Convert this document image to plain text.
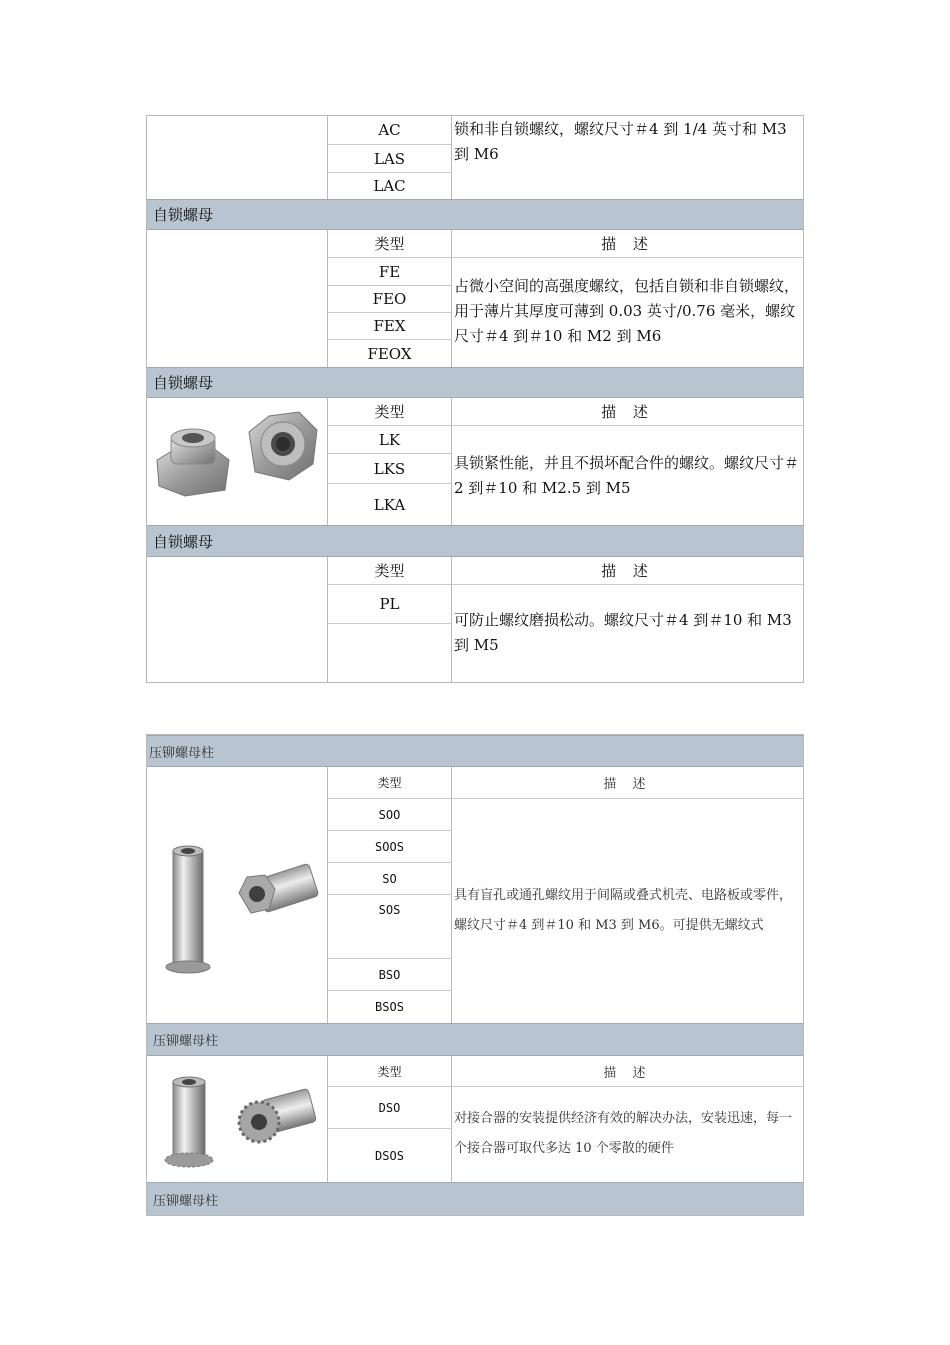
AC
LAS
LAC
锁和非自锁螺纹，螺纹尺寸＃4 到 1/4 英寸和 M3 到 M6
自锁螺母
类型	描 述
FE
FEO
FEX
FEOX
占微小空间的高强度螺纹，包括自锁和非自锁螺纹，用于薄片其厚度可薄到 0.03 英寸/0.76 毫米，螺纹尺寸＃4 到＃10 和 M2 到 M6
自锁螺母
类型	描 述
LK
LKS
LKA
具锁紧性能，并且不损坏配合件的螺纹。螺纹尺寸＃2 到＃10 和 M2.5 到 M5
自锁螺母
类型	描 述
PL
可防止螺纹磨损松动。螺纹尺寸＃4 到＃10 和 M3 到 M5
压铆螺母柱
类型	描 述
SOO
SOOS
SO
SOS
BSO
BSOS
具有盲孔或通孔螺纹用于间隔或叠式机壳、电路板或零件，螺纹尺寸＃4 到＃10 和 M3 到 M6。可提供无螺纹式
压铆螺母柱
类型	描 述
DSO
DSOS
对接合器的安装提供经济有效的解决办法，安装迅速，每一个接合器可取代多达 10 个零散的硬件
压铆螺母柱
